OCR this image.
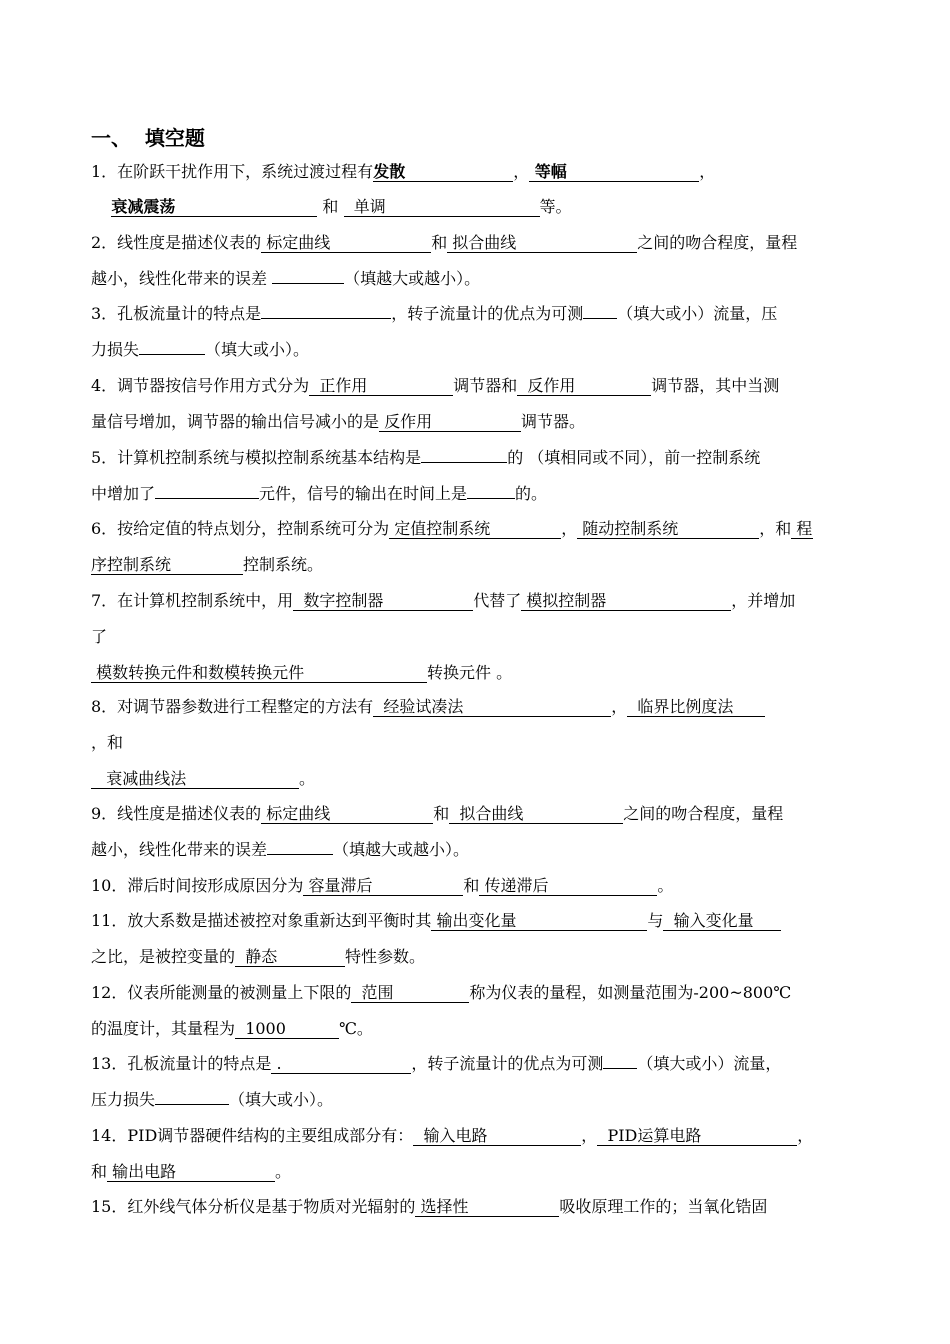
一、  填空题
1．在阶跃干扰作用下，系统过渡过程有发散	， 等幅	，
衰减震荡	和   单调	等。
2．线性度是描述仪表的 标定曲线	和 拟合曲线	之间的吻合程度，量程
越小，线性化带来的误差	（填越大或越小）。
3．孔板流量计的特点是	，转子流量计的优点为可测 （填大或小）流量，压
力损失	（填大或小）。
4．调节器按信号作用方式分为  正作用	调节器和  反作用	调节器，其中当测
量信号增加，调节器的输出信号减小的是 反作用	调节器。
5．计算机控制系统与模拟控制系统基本结构是	的 （填相同或不同），前一控制系统
中增加了	元件，信号的输出在时间上是	的。
6．按给定值的特点划分，控制系统可分为 定值控制系统	， 随动控制系统	，和 程
序控制系统	控制系统。
7．在计算机控制系统中，用  数字控制器	代替了 模拟控制器	，并增加
了
模数转换元件和数模转换元件	转换元件 。
8．对调节器参数进行工程整定的方法有  经验试凑法	，  临界比例度法
，和
衰减曲线法	。
9．线性度是描述仪表的 标定曲线	和  拟合曲线	之间的吻合程度，量程
越小，线性化带来的误差	（填越大或越小）。
10．滞后时间按形成原因分为 容量滞后	和 传递滞后	。
11．放大系数是描述被控对象重新达到平衡时其 输出变化量	与  输入变化量
之比，是被控变量的  静态	特性参数。
12．仪表所能测量的被测量上下限的  范围	称为仪表的量程，如测量范围为-200~800℃
的温度计，其量程为  1000	℃。
13．孔板流量计的特点是 .	，转子流量计的优点为可测 （填大或小）流量，
压力损失	（填大或小）。
14．PID调节器硬件结构的主要组成部分有：  输入电路	，  PID运算电路	，
和 输出电路	。
15．红外线气体分析仪是基于物质对光辐射的 选择性	吸收原理工作的；当氧化锆固
